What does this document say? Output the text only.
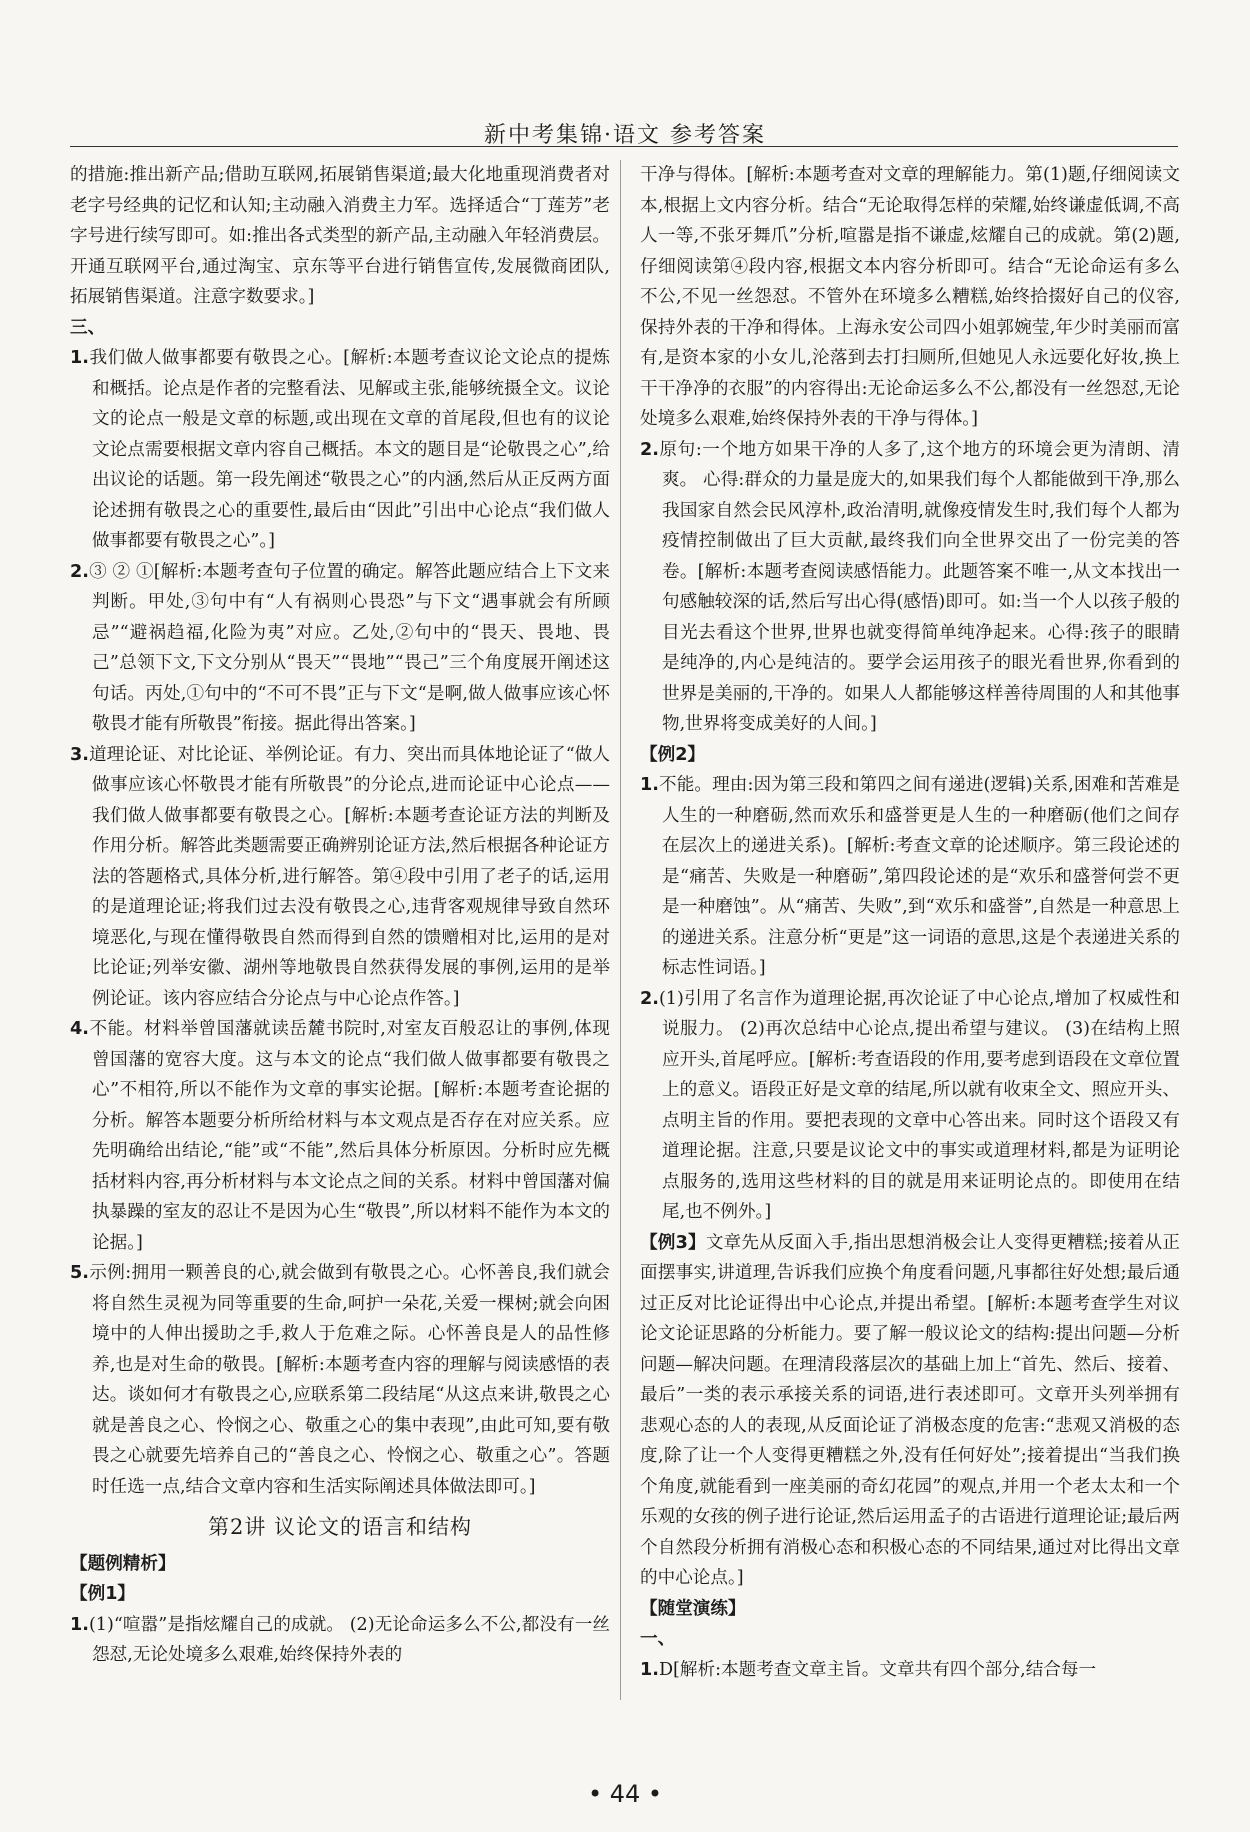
新中考集锦·语文 参考答案

的措施:推出新产品;借助互联网,拓展销售渠道;最大化地重现消费者对老字号经典的记忆和认知;主动融入消费主力军。选择适合“丁莲芳”老字号进行续写即可。如:推出各式类型的新产品,主动融入年轻消费层。开通互联网平台,通过淘宝、京东等平台进行销售宣传,发展微商团队,拓展销售渠道。注意字数要求。]

三、

1.我们做人做事都要有敬畏之心。[解析:本题考查议论文论点的提炼和概括。论点是作者的完整看法、见解或主张,能够统摄全文。议论文的论点一般是文章的标题,或出现在文章的首尾段,但也有的议论文论点需要根据文章内容自己概括。本文的题目是“论敬畏之心”,给出议论的话题。第一段先阐述“敬畏之心”的内涵,然后从正反两方面论述拥有敬畏之心的重要性,最后由“因此”引出中心论点“我们做人做事都要有敬畏之心”。]

2.③ ② ①[解析:本题考查句子位置的确定。解答此题应结合上下文来判断。甲处,③句中有“人有祸则心畏恐”与下文“遇事就会有所顾忌”“避祸趋福,化险为夷”对应。乙处,②句中的“畏天、畏地、畏己”总领下文,下文分别从“畏天”“畏地”“畏己”三个角度展开阐述这句话。丙处,①句中的“不可不畏”正与下文“是啊,做人做事应该心怀敬畏才能有所敬畏”衔接。据此得出答案。]

3.道理论证、对比论证、举例论证。有力、突出而具体地论证了“做人做事应该心怀敬畏才能有所敬畏”的分论点,进而论证中心论点——我们做人做事都要有敬畏之心。[解析:本题考查论证方法的判断及作用分析。解答此类题需要正确辨别论证方法,然后根据各种论证方法的答题格式,具体分析,进行解答。第④段中引用了老子的话,运用的是道理论证;将我们过去没有敬畏之心,违背客观规律导致自然环境恶化,与现在懂得敬畏自然而得到自然的馈赠相对比,运用的是对比论证;列举安徽、湖州等地敬畏自然获得发展的事例,运用的是举例论证。该内容应结合分论点与中心论点作答。]

4.不能。材料举曾国藩就读岳麓书院时,对室友百般忍让的事例,体现曾国藩的宽容大度。这与本文的论点“我们做人做事都要有敬畏之心”不相符,所以不能作为文章的事实论据。[解析:本题考查论据的分析。解答本题要分析所给材料与本文观点是否存在对应关系。应先明确给出结论,“能”或“不能”,然后具体分析原因。分析时应先概括材料内容,再分析材料与本文论点之间的关系。材料中曾国藩对偏执暴躁的室友的忍让不是因为心生“敬畏”,所以材料不能作为本文的论据。]

5.示例:拥用一颗善良的心,就会做到有敬畏之心。心怀善良,我们就会将自然生灵视为同等重要的生命,呵护一朵花,关爱一棵树;就会向困境中的人伸出援助之手,救人于危难之际。心怀善良是人的品性修养,也是对生命的敬畏。[解析:本题考查内容的理解与阅读感悟的表达。谈如何才有敬畏之心,应联系第二段结尾“从这点来讲,敬畏之心就是善良之心、怜悯之心、敬重之心的集中表现”,由此可知,要有敬畏之心就要先培养自己的“善良之心、怜悯之心、敬重之心”。答题时任选一点,结合文章内容和生活实际阐述具体做法即可。]

第2讲 议论文的语言和结构

【题例精析】

【例1】

1.(1)“喧嚣”是指炫耀自己的成就。 (2)无论命运多么不公,都没有一丝怨怼,无论处境多么艰难,始终保持外表的

干净与得体。[解析:本题考查对文章的理解能力。第(1)题,仔细阅读文本,根据上文内容分析。结合“无论取得怎样的荣耀,始终谦虚低调,不高人一等,不张牙舞爪”分析,喧嚣是指不谦虚,炫耀自己的成就。第(2)题,仔细阅读第④段内容,根据文本内容分析即可。结合“无论命运有多么不公,不见一丝怨怼。不管外在环境多么糟糕,始终拾掇好自己的仪容,保持外表的干净和得体。上海永安公司四小姐郭婉莹,年少时美丽而富有,是资本家的小女儿,沦落到去打扫厕所,但她见人永远要化好妆,换上干干净净的衣服”的内容得出:无论命运多么不公,都没有一丝怨怼,无论处境多么艰难,始终保持外表的干净与得体。]

2.原句:一个地方如果干净的人多了,这个地方的环境会更为清朗、清爽。 心得:群众的力量是庞大的,如果我们每个人都能做到干净,那么我国家自然会民风淳朴,政治清明,就像疫情发生时,我们每个人都为疫情控制做出了巨大贡献,最终我们向全世界交出了一份完美的答卷。[解析:本题考查阅读感悟能力。此题答案不唯一,从文本找出一句感触较深的话,然后写出心得(感悟)即可。如:当一个人以孩子般的目光去看这个世界,世界也就变得简单纯净起来。心得:孩子的眼睛是纯净的,内心是纯洁的。要学会运用孩子的眼光看世界,你看到的世界是美丽的,干净的。如果人人都能够这样善待周围的人和其他事物,世界将变成美好的人间。]

【例2】

1.不能。理由:因为第三段和第四之间有递进(逻辑)关系,困难和苦难是人生的一种磨砺,然而欢乐和盛誉更是人生的一种磨砺(他们之间存在层次上的递进关系)。[解析:考查文章的论述顺序。第三段论述的是“痛苦、失败是一种磨砺”,第四段论述的是“欢乐和盛誉何尝不更是一种磨蚀”。从“痛苦、失败”,到“欢乐和盛誉”,自然是一种意思上的递进关系。注意分析“更是”这一词语的意思,这是个表递进关系的标志性词语。]

2.(1)引用了名言作为道理论据,再次论证了中心论点,增加了权威性和说服力。 (2)再次总结中心论点,提出希望与建议。 (3)在结构上照应开头,首尾呼应。[解析:考查语段的作用,要考虑到语段在文章位置上的意义。语段正好是文章的结尾,所以就有收束全文、照应开头、点明主旨的作用。要把表现的文章中心答出来。同时这个语段又有道理论据。注意,只要是议论文中的事实或道理材料,都是为证明论点服务的,选用这些材料的目的就是用来证明论点的。即使用在结尾,也不例外。]

【例3】文章先从反面入手,指出思想消极会让人变得更糟糕;接着从正面摆事实,讲道理,告诉我们应换个角度看问题,凡事都往好处想;最后通过正反对比论证得出中心论点,并提出希望。[解析:本题考查学生对议论文论证思路的分析能力。要了解一般议论文的结构:提出问题—分析问题—解决问题。在理清段落层次的基础上加上“首先、然后、接着、最后”一类的表示承接关系的词语,进行表述即可。文章开头列举拥有悲观心态的人的表现,从反面论证了消极态度的危害:“悲观又消极的态度,除了让一个人变得更糟糕之外,没有任何好处”;接着提出“当我们换个角度,就能看到一座美丽的奇幻花园”的观点,并用一个老太太和一个乐观的女孩的例子进行论证,然后运用孟子的古语进行道理论证;最后两个自然段分析拥有消极心态和积极心态的不同结果,通过对比得出文章的中心论点。]

【随堂演练】

一、

1.D[解析:本题考查文章主旨。文章共有四个部分,结合每一

• 44 •
